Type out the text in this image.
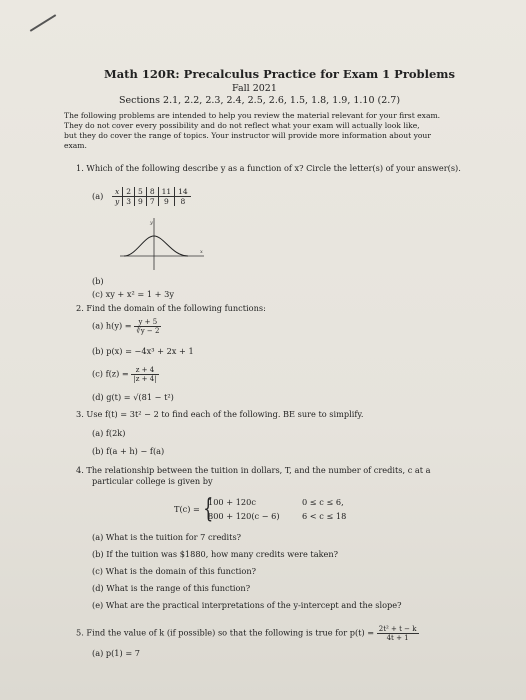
Math 120R: Precalculus Practice for Exam 1 Problems
Fall 2021
Sections 2.1, 2.2, 2.3, 2.4, 2.5, 2.6, 1.5, 1.8, 1.9, 1.10 (2.7)
The following problems are intended to help you review the material relevant for your first exam.
They do not cover every possibility and do not reflect what your exam will actually look like,
but they do cover the range of topics. Your instructor will provide more information about your
exam.
1. Which of the following describe y as a function of x? Circle the letter(s) of your answer(s).
(a) x	2	5	8	11	14
y	3	9	7	9	8
y
x
(b)
(c) xy + x² = 1 + 3y
2. Find the domain of the following functions:
(a) $h(y) = \frac{y + 5}{∛y - 2}$
(b) p(x) = −4x³ + 2x + 1
(c) $f(z) = \frac{z + 4}{|z + 4|}$
(d) g(t) = √(81 − t²)
3. Use f(t) = 3t² − 2 to find each of the following. BE sure to simplify.
(a) f(2k)
(b) f(a + h) − f(a)
4. The relationship between the tuition in dollars, T, and the number of credits, c at a
particular college is given by
T(c) = {
100 + 120c	0 ≤ c ≤ 6,
800 + 120(c − 6)	6 < c ≤ 18
(a) What is the tuition for 7 credits?
(b) If the tuition was $1880, how many credits were taken?
(c) What is the domain of this function?
(d) What is the range of this function?
(e) What are the practical interpretations of the y-intercept and the slope?
5. Find the value of k (if possible) so that the following is true for $p(t) = \frac{\text{2t² + t − k}}{4t + 1}$
(a) p(1) = 7
